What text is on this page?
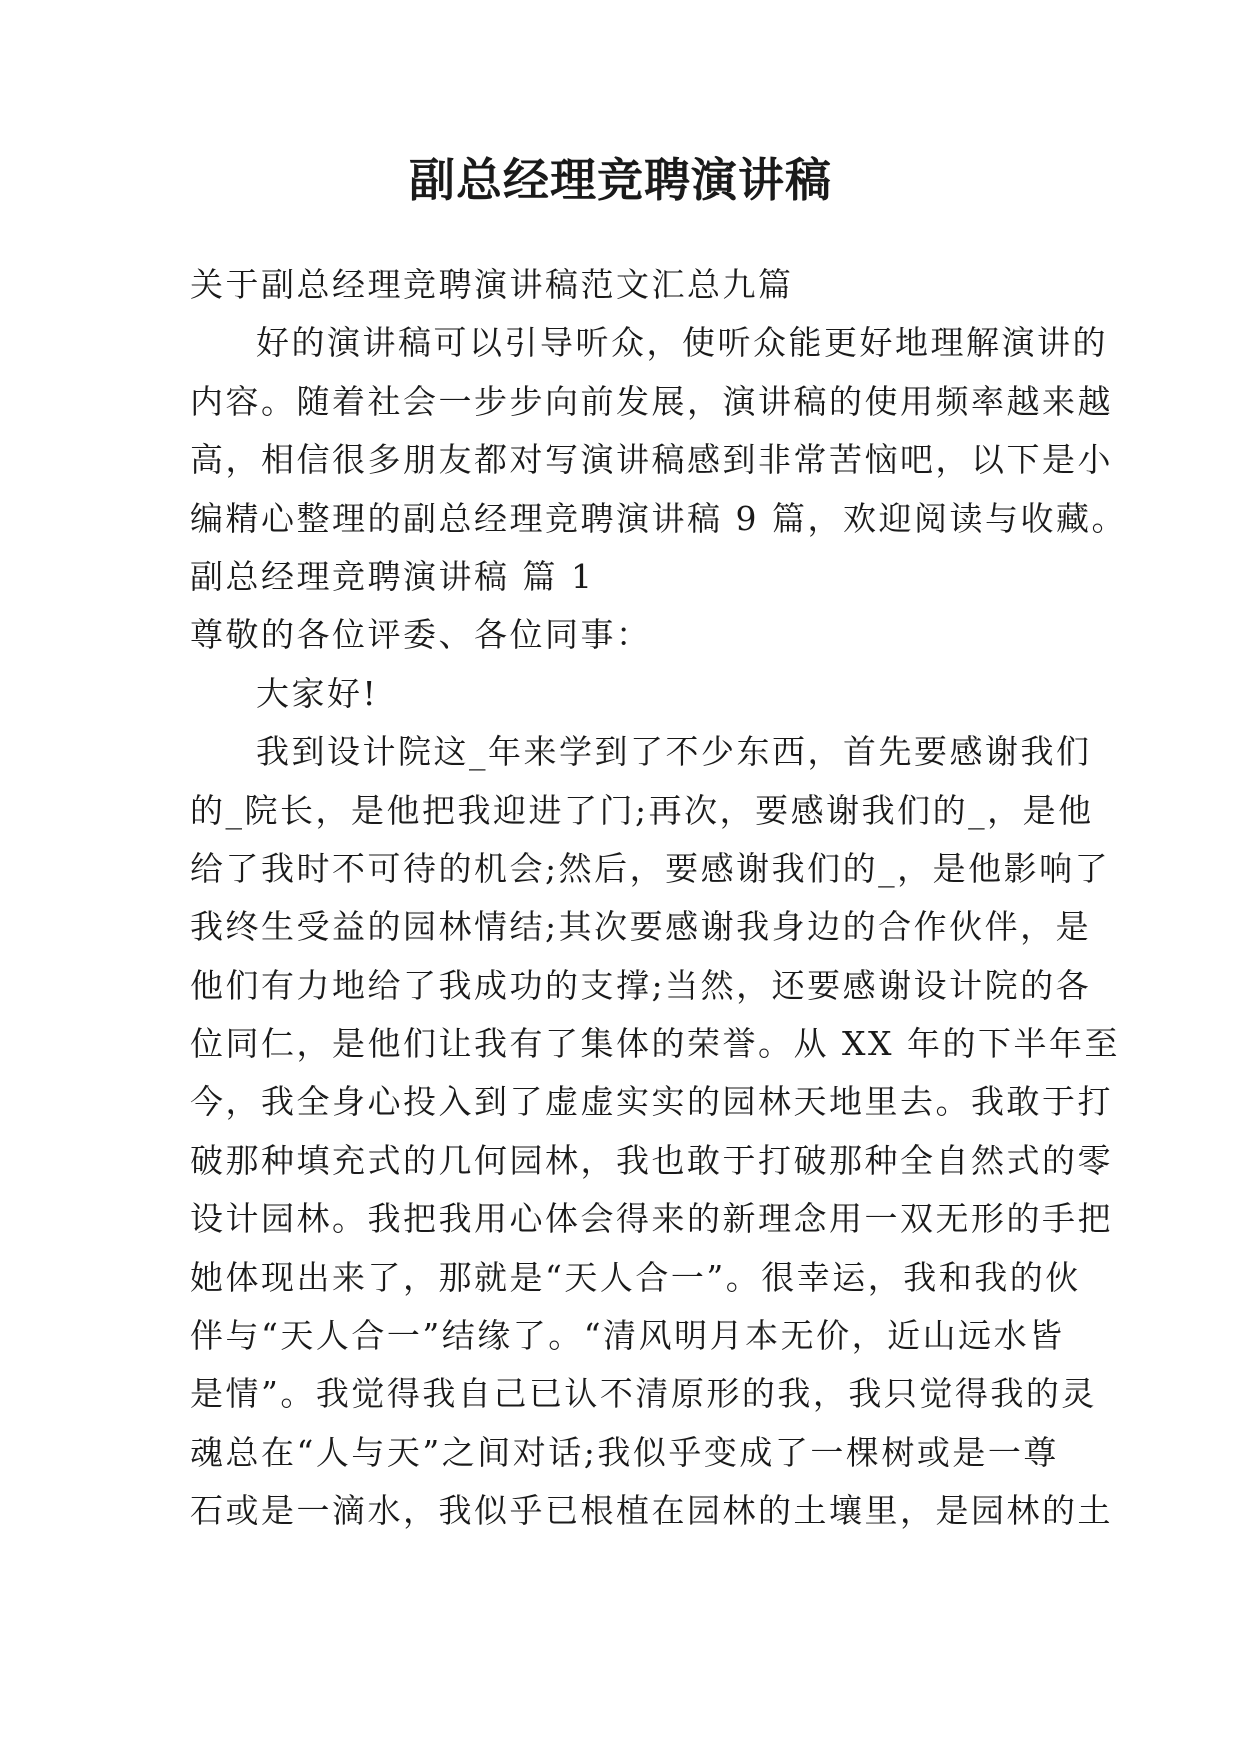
副总经理竞聘演讲稿
关于副总经理竞聘演讲稿范文汇总九篇
好的演讲稿可以引导听众，使听众能更好地理解演讲的
内容。随着社会一步步向前发展，演讲稿的使用频率越来越
高，相信很多朋友都对写演讲稿感到非常苦恼吧，以下是小
编精心整理的副总经理竞聘演讲稿 9 篇，欢迎阅读与收藏。
副总经理竞聘演讲稿 篇 1
尊敬的各位评委、各位同事：
大家好!
我到设计院这_年来学到了不少东西，首先要感谢我们
的_院长，是他把我迎进了门;再次，要感谢我们的_，是他
给了我时不可待的机会;然后，要感谢我们的_，是他影响了
我终生受益的园林情结;其次要感谢我身边的合作伙伴，是
他们有力地给了我成功的支撑;当然，还要感谢设计院的各
位同仁，是他们让我有了集体的荣誉。从 XX 年的下半年至
今，我全身心投入到了虚虚实实的园林天地里去。我敢于打
破那种填充式的几何园林，我也敢于打破那种全自然式的零
设计园林。我把我用心体会得来的新理念用一双无形的手把
她体现出来了，那就是“天人合一”。很幸运，我和我的伙
伴与“天人合一”结缘了。“清风明月本无价，近山远水皆
是情”。我觉得我自己已认不清原形的我，我只觉得我的灵
魂总在“人与天”之间对话;我似乎变成了一棵树或是一尊
石或是一滴水，我似乎已根植在园林的土壤里，是园林的土
